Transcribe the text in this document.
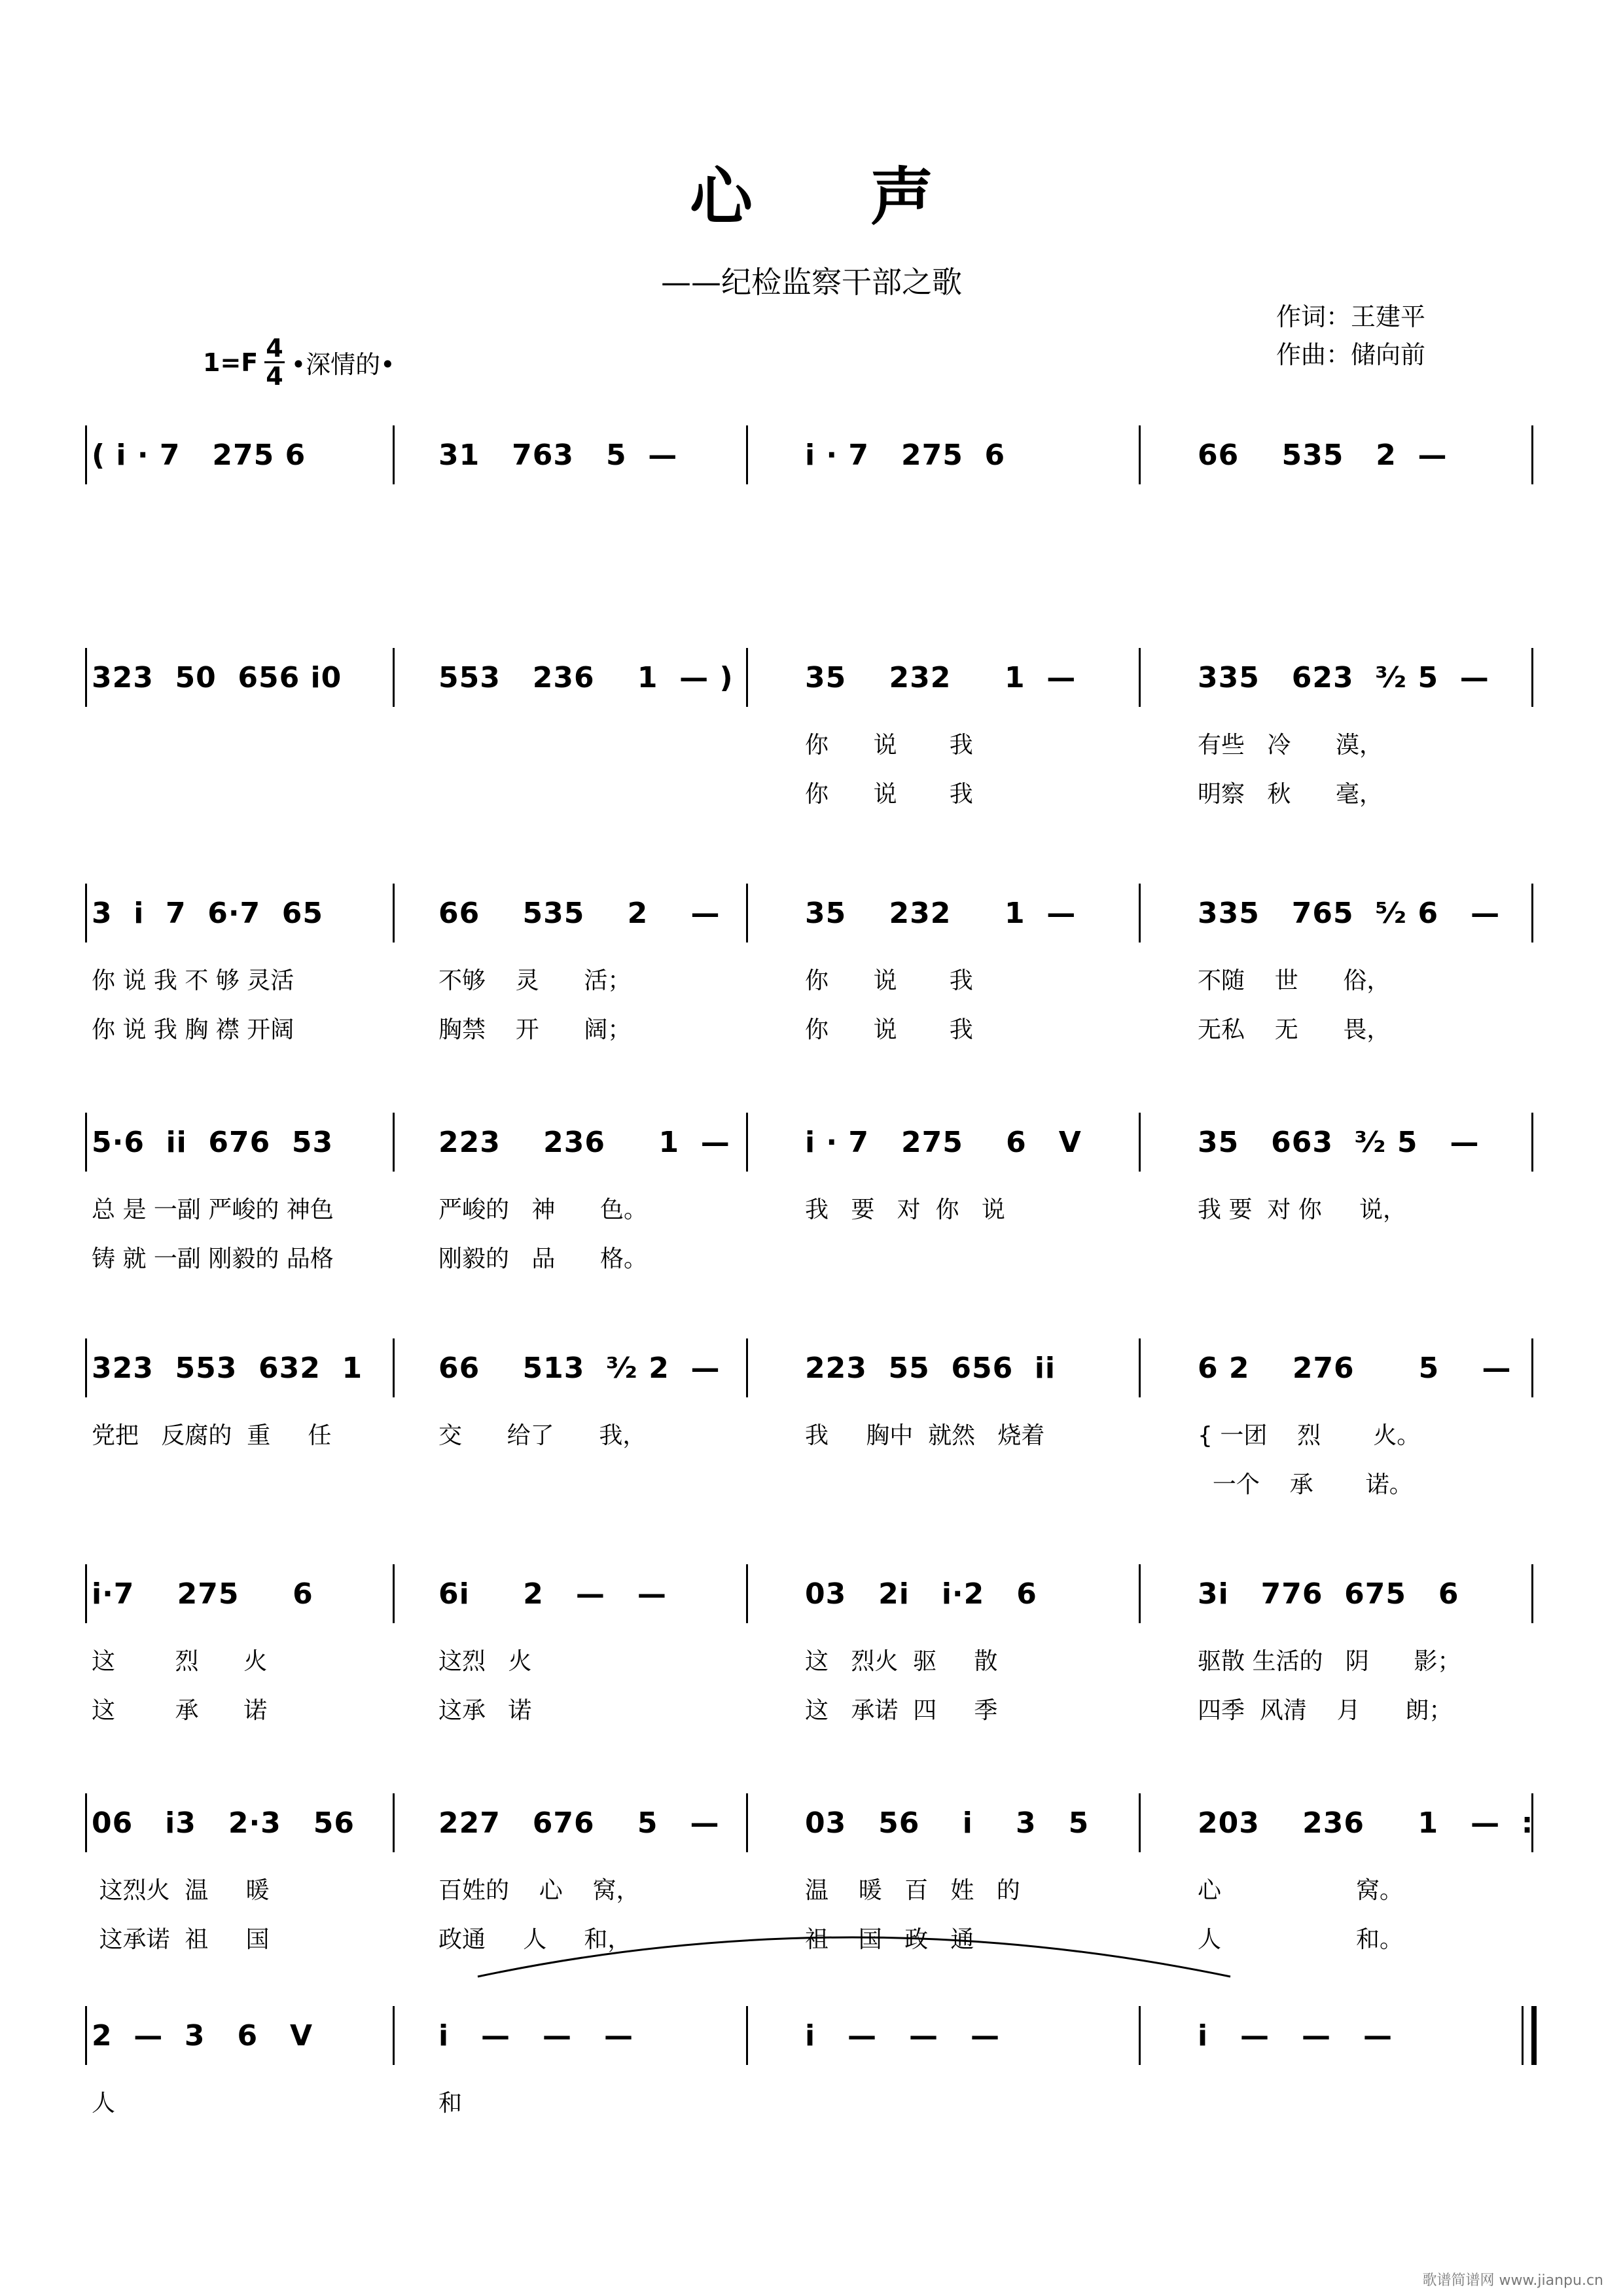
心声
——纪检监察干部之歌
作词：王建平
作曲：储向前
$1=F \frac{4}{4}$ •深情的•
( i · 7   275 6	31   763   5  —	i · 7   275  6	66    535   2  —
323  50  656 i0	553   236    1  — ) 35    232     1  —	335   623  ³⁄₂ 5  —
你      说       我	有些   冷      漠，
你      说       我	明察   秋      毫，
3  i  7  6·7  65	66    535    2    —	35    232     1  —	335   765  ⁵⁄₂ 6   —
你 说 我 不 够 灵活	不够    灵      活；	你      说       我	不随    世      俗，
你 说 我 胸 襟 开阔	胸禁    开      阔；	你      说       我	无私    无      畏，
5·6  ii  676  53	223    236     1  —	i · 7   275    6   V	35   663  ³⁄₂ 5   —
总 是 一副 严峻的 神色	严峻的   神      色。	我   要   对  你   说	我 要  对 你     说，
铸 就 一副 刚毅的 品格	刚毅的   品      格。
323  553  632  1	66    513  ³⁄₂ 2  —	223  55  656  ii	6 2    276      5    —
党把   反腐的  重     任	交      给了      我，	我     胸中  就然   烧着	{ 一团    烈       火。
一个    承       诺。
i·7    275     6	6i     2   —   —	03   2i   i·2   6	3i   776  675   6
这        烈      火	这烈   火	这   烈火  驱     散	驱散 生活的   阴      影；
这        承      诺	这承   诺	这   承诺  四     季	四季  风清    月      朗；
06   i3   2·3   56	227   676    5   —	03   56    i    3   5	203    236     1   —  :
这烈火  温     暖	百姓的    心    窝，	温    暖   百   姓   的	心                  窝。
这承诺  祖     国	政通     人     和，	祖    国   政   通	人                  和。
2  —  3   6   V	i   —   —   —	i   —   —   —	i   —   —   —
人	和
歌谱简谱网 www.jianpu.cn
